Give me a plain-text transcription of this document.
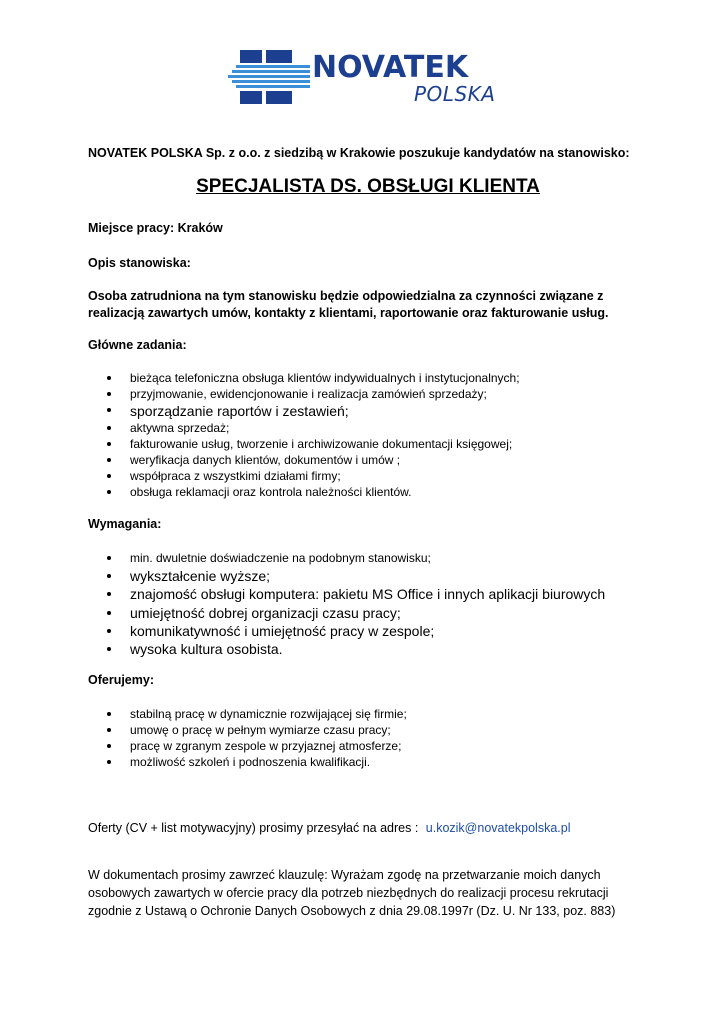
NOVATEK
POLSKA
NOVATEK POLSKA Sp. z o.o. z siedzibą w Krakowie poszukuje kandydatów na stanowisko:
SPECJALISTA DS. OBSŁUGI KLIENTA
Miejsce pracy: Kraków
Opis stanowiska:
Osoba zatrudniona na tym stanowisku będzie odpowiedzialna za czynności związane z realizacją zawartych umów, kontakty z klientami, raportowanie oraz fakturowanie usług.
Główne zadania:
bieżąca telefoniczna obsługa klientów indywidualnych i instytucjonalnych;
przyjmowanie, ewidencjonowanie i realizacja zamówień sprzedaży;
sporządzanie raportów i zestawień;
aktywna sprzedaż;
fakturowanie usług, tworzenie i archiwizowanie dokumentacji księgowej;
weryfikacja danych klientów, dokumentów i umów ;
współpraca z wszystkimi działami firmy;
obsługa reklamacji oraz kontrola należności klientów.
Wymagania:
min. dwuletnie doświadczenie na podobnym stanowisku;
wykształcenie wyższe;
znajomość obsługi komputera: pakietu MS Office i innych aplikacji biurowych
umiejętność dobrej organizacji czasu pracy;
komunikatywność i umiejętność pracy w zespole;
wysoka kultura osobista.
Oferujemy:
stabilną pracę w dynamicznie rozwijającej się firmie;
umowę o pracę w pełnym wymiarze czasu pracy;
pracę w zgranym zespole w przyjaznej atmosferze;
możliwość szkoleń i podnoszenia kwalifikacji.
Oferty (CV + list motywacyjny) prosimy przesyłać na adres : u.kozik@novatekpolska.pl
W dokumentach prosimy zawrzeć klauzulę: Wyrażam zgodę na przetwarzanie moich danych osobowych zawartych w ofercie pracy dla potrzeb niezbędnych do realizacji procesu rekrutacji zgodnie z Ustawą o Ochronie Danych Osobowych z dnia 29.08.1997r (Dz. U. Nr 133, poz. 883)
